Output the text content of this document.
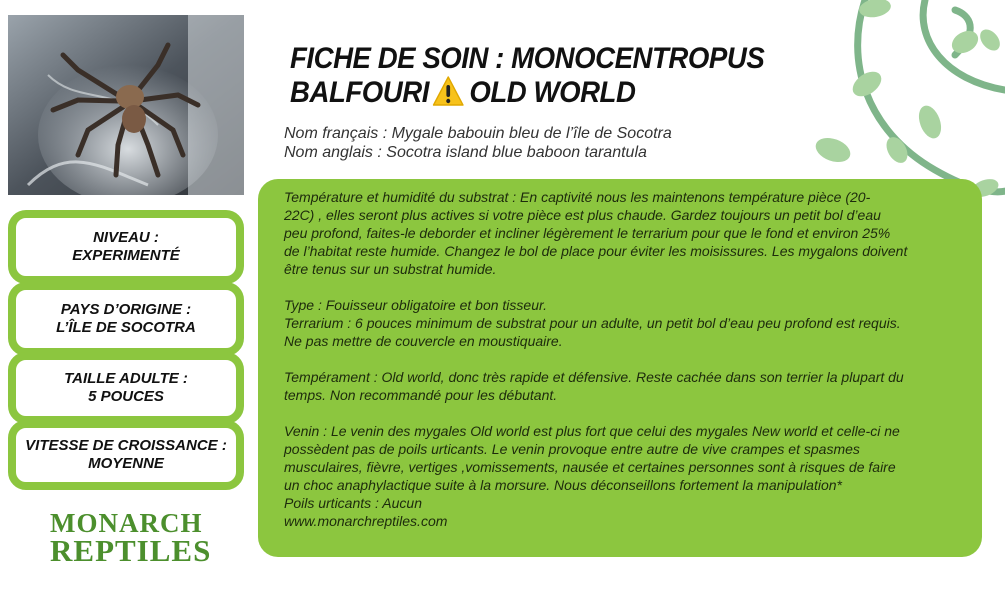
FICHE DE SOIN : MONOCENTROPUS
BALFOURI OLD WORLD
Nom français : Mygale babouin bleu de l’île de Socotra
Nom anglais : Socotra island blue baboon tarantula
NIVEAU :
EXPERIMENTÉ
PAYS D’ORIGINE :
L’ÎLE DE SOCOTRA
TAILLE ADULTE :
5 POUCES
VITESSE DE CROISSANCE :
MOYENNE
MONARCH
REPTILES

Température et humidité du substrat : En captivité nous les maintenons température pièce (20-
22C) , elles seront plus actives si votre pièce est plus chaude. Gardez toujours un petit bol d’eau
peu profond, faites-le deborder et incliner légèrement le terrarium pour que le fond et environ 25%
de l’habitat reste humide. Changez le bol de place pour éviter les moisissures. Les mygalons doivent
être tenus sur un substrat humide.

Type : Fouisseur obligatoire et bon tisseur.

Terrarium : 6 pouces minimum de substrat pour un adulte, un petit bol d’eau peu profond est requis.
Ne pas mettre de couvercle en moustiquaire.

Tempérament : Old world, donc très rapide et défensive. Reste cachée dans son terrier la plupart du
temps. Non recommandé pour les débutant.

Venin : Le venin des mygales Old world est plus fort que celui des mygales New world et celle-ci ne
possèdent pas de poils urticants. Le venin provoque entre autre de vive crampes et spasmes
musculaires, fièvre, vertiges ,vomissements, nausée et certaines personnes sont à risques de faire
un choc anaphylactique suite à la morsure. Nous déconseillons fortement la manipulation*

Poils urticants : Aucun

www.monarchreptiles.com
